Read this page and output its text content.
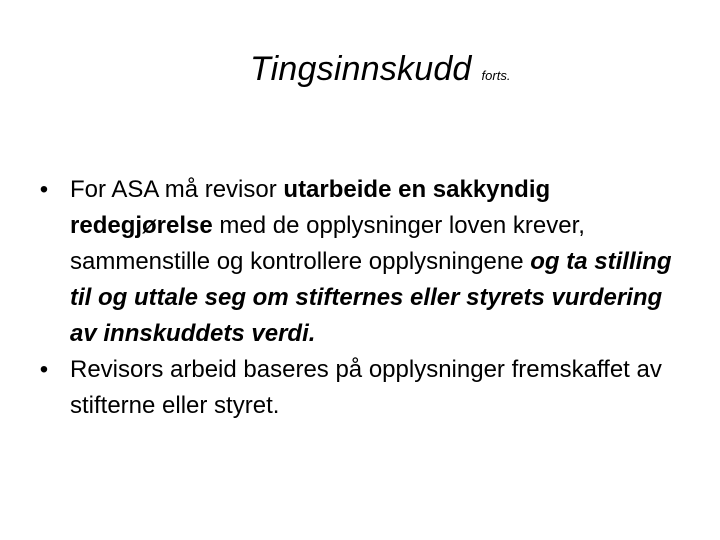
Tingsinnskudd forts.
• For ASA må revisor utarbeide en sakkyndig redegjørelse med de opplysninger loven krever, sammenstille og kontrollere opplysningene og ta stilling til og uttale seg om stifternes eller styrets vurdering av innskuddets verdi.
• Revisors arbeid baseres på opplysninger fremskaffet av stifterne eller styret.
